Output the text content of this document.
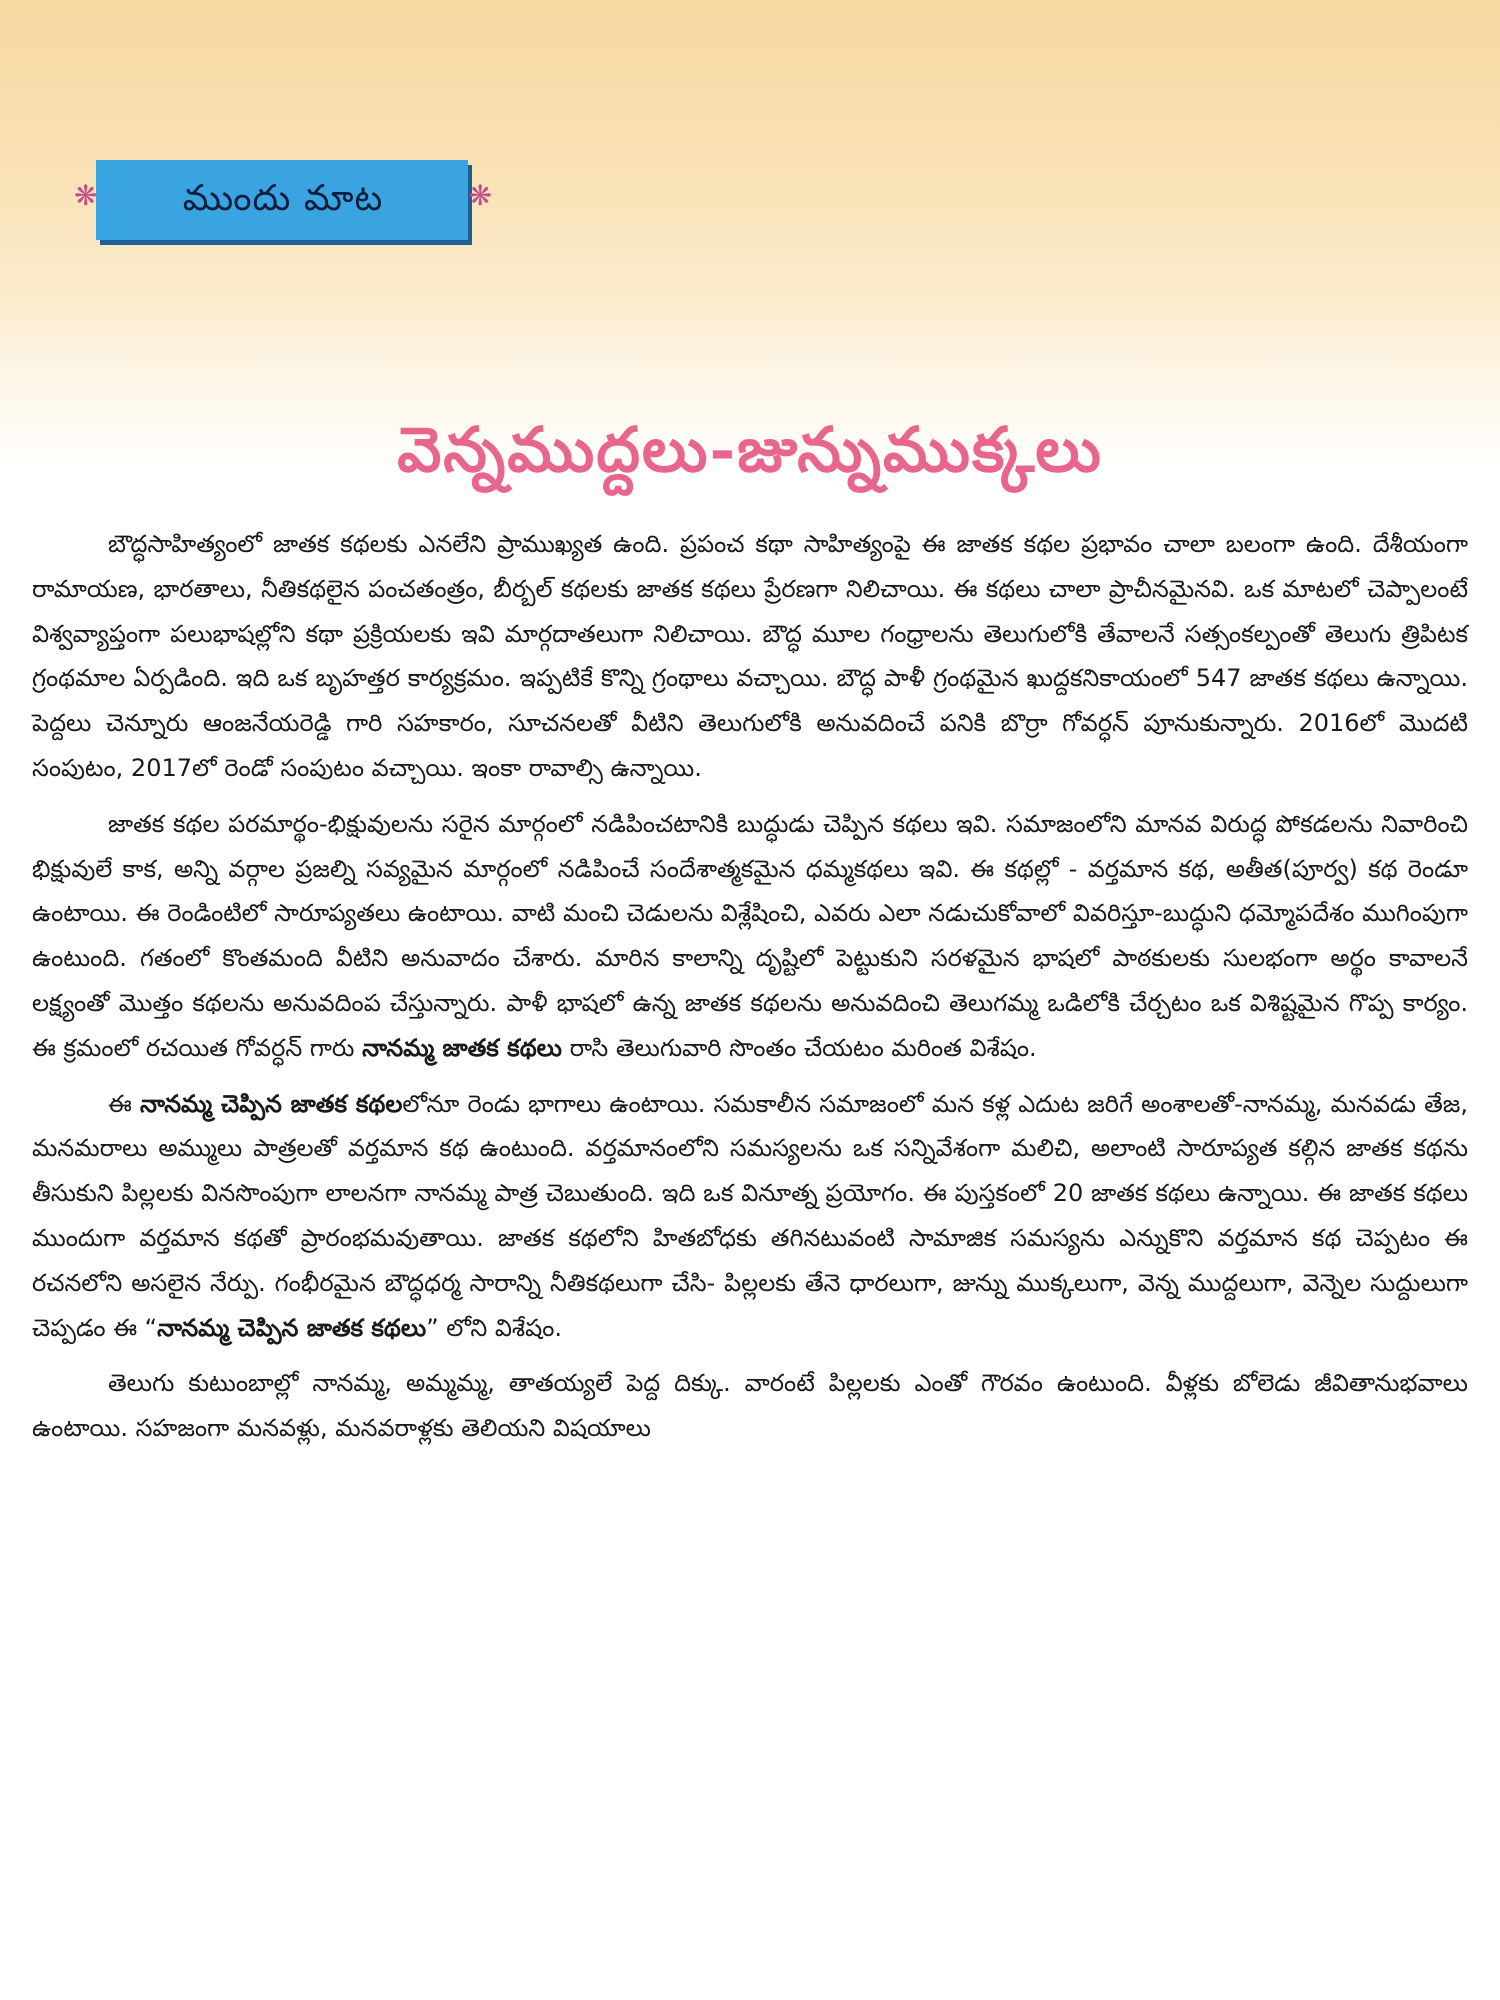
❋ ముందు మాట	❋
వెన్నముద్దలు-జున్నుముక్కలు

బౌద్ధసాహిత్యంలో జాతక కథలకు ఎనలేని ప్రాముఖ్యత ఉంది. ప్రపంచ కథా సాహిత్యంపై ఈ జాతక కథల ప్రభావం చాలా బలంగా ఉంది. దేశీయంగా రామాయణ, భారతాలు, నీతికథలైన పంచతంత్రం, బీర్బల్ కథలకు జాతక కథలు ప్రేరణగా నిలిచాయి. ఈ కథలు చాలా ప్రాచీనమైనవి. ఒక మాటలో చెప్పాలంటే విశ్వవ్యాప్తంగా పలుభాషల్లోని కథా ప్రక్రియలకు ఇవి మార్గదాతలుగా నిలిచాయి. బౌద్ధ మూల గంధ్రాలను తెలుగులోకి తేవాలనే సత్సంకల్పంతో తెలుగు త్రిపిటక గ్రంథమాల ఏర్పడింది. ఇది ఒక బృహత్తర కార్యక్రమం. ఇప్పటికే కొన్ని గ్రంథాలు వచ్చాయి. బౌద్ధ పాళీ గ్రంథమైన ఖుద్దకనికాయంలో 547 జాతక కథలు ఉన్నాయి. పెద్దలు చెన్నూరు ఆంజనేయరెడ్డి గారి సహకారం, సూచనలతో వీటిని తెలుగులోకి అనువదించే పనికి బొర్రా గోవర్ధన్ పూనుకున్నారు. 2016లో మొదటి సంపుటం, 2017లో రెండో సంపుటం వచ్చాయి. ఇంకా రావాల్సి ఉన్నాయి.

జాతక కథల పరమార్థం-భిక్షువులను సరైన మార్గంలో నడిపించటానికి బుద్ధుడు చెప్పిన కథలు ఇవి. సమాజంలోని మానవ విరుద్ధ పోకడలను నివారించి భిక్షువులే కాక, అన్ని వర్గాల ప్రజల్ని సవ్యమైన మార్గంలో నడిపించే సందేశాత్మకమైన ధమ్మకథలు ఇవి. ఈ కథల్లో - వర్తమాన కథ, అతీత(పూర్వ) కథ రెండూ ఉంటాయి. ఈ రెండింటిలో సారూప్యతలు ఉంటాయి. వాటి మంచి చెడులను విశ్లేషించి, ఎవరు ఎలా నడుచుకోవాలో వివరిస్తూ-బుద్ధుని ధమ్మోపదేశం ముగింపుగా ఉంటుంది. గతంలో కొంతమంది వీటిని అనువాదం చేశారు. మారిన కాలాన్ని దృష్టిలో పెట్టుకుని సరళమైన భాషలో పాఠకులకు సులభంగా అర్థం కావాలనే లక్ష్యంతో మొత్తం కథలను అనువదింప చేస్తున్నారు. పాళీ భాషలో ఉన్న జాతక కథలను అనువదించి తెలుగమ్మ ఒడిలోకి చేర్చటం ఒక విశిష్టమైన గొప్ప కార్యం. ఈ క్రమంలో రచయిత గోవర్ధన్ గారు నానమ్మ జాతక కథలు రాసి తెలుగువారి సొంతం చేయటం మరింత విశేషం.

ఈ నానమ్మ చెప్పిన జాతక కథలలోనూ రెండు భాగాలు ఉంటాయి. సమకాలీన సమాజంలో మన కళ్ల ఎదుట జరిగే అంశాలతో-నానమ్మ, మనవడు తేజ, మనమరాలు అమ్ములు పాత్రలతో వర్తమాన కథ ఉంటుంది. వర్తమానంలోని సమస్యలను ఒక సన్నివేశంగా మలిచి, అలాంటి సారూప్యత కల్గిన జాతక కథను తీసుకుని పిల్లలకు వినసొంపుగా లాలనగా నానమ్మ పాత్ర చెబుతుంది. ఇది ఒక వినూత్న ప్రయోగం. ఈ పుస్తకంలో 20 జాతక కథలు ఉన్నాయి. ఈ జాతక కథలు ముందుగా వర్తమాన కథతో ప్రారంభమవుతాయి. జాతక కథలోని హితబోధకు తగినటువంటి సామాజిక సమస్యను ఎన్నుకొని వర్తమాన కథ చెప్పటం ఈ రచనలోని అసలైన నేర్పు. గంభీరమైన బౌద్ధధర్మ సారాన్ని నీతికథలుగా చేసి- పిల్లలకు తేనె ధారలుగా, జున్ను ముక్కలుగా, వెన్న ముద్దలుగా, వెన్నెల సుద్దులుగా చెప్పడం ఈ “నానమ్మ చెప్పిన జాతక కథలు” లోని విశేషం.

తెలుగు కుటుంబాల్లో నానమ్మ, అమ్మమ్మ, తాతయ్యలే పెద్ద దిక్కు. వారంటే పిల్లలకు ఎంతో గౌరవం ఉంటుంది. వీళ్లకు బోలెడు జీవితానుభవాలు ఉంటాయి. సహజంగా మనవళ్లు, మనవరాళ్లకు తెలియని విషయాలు
